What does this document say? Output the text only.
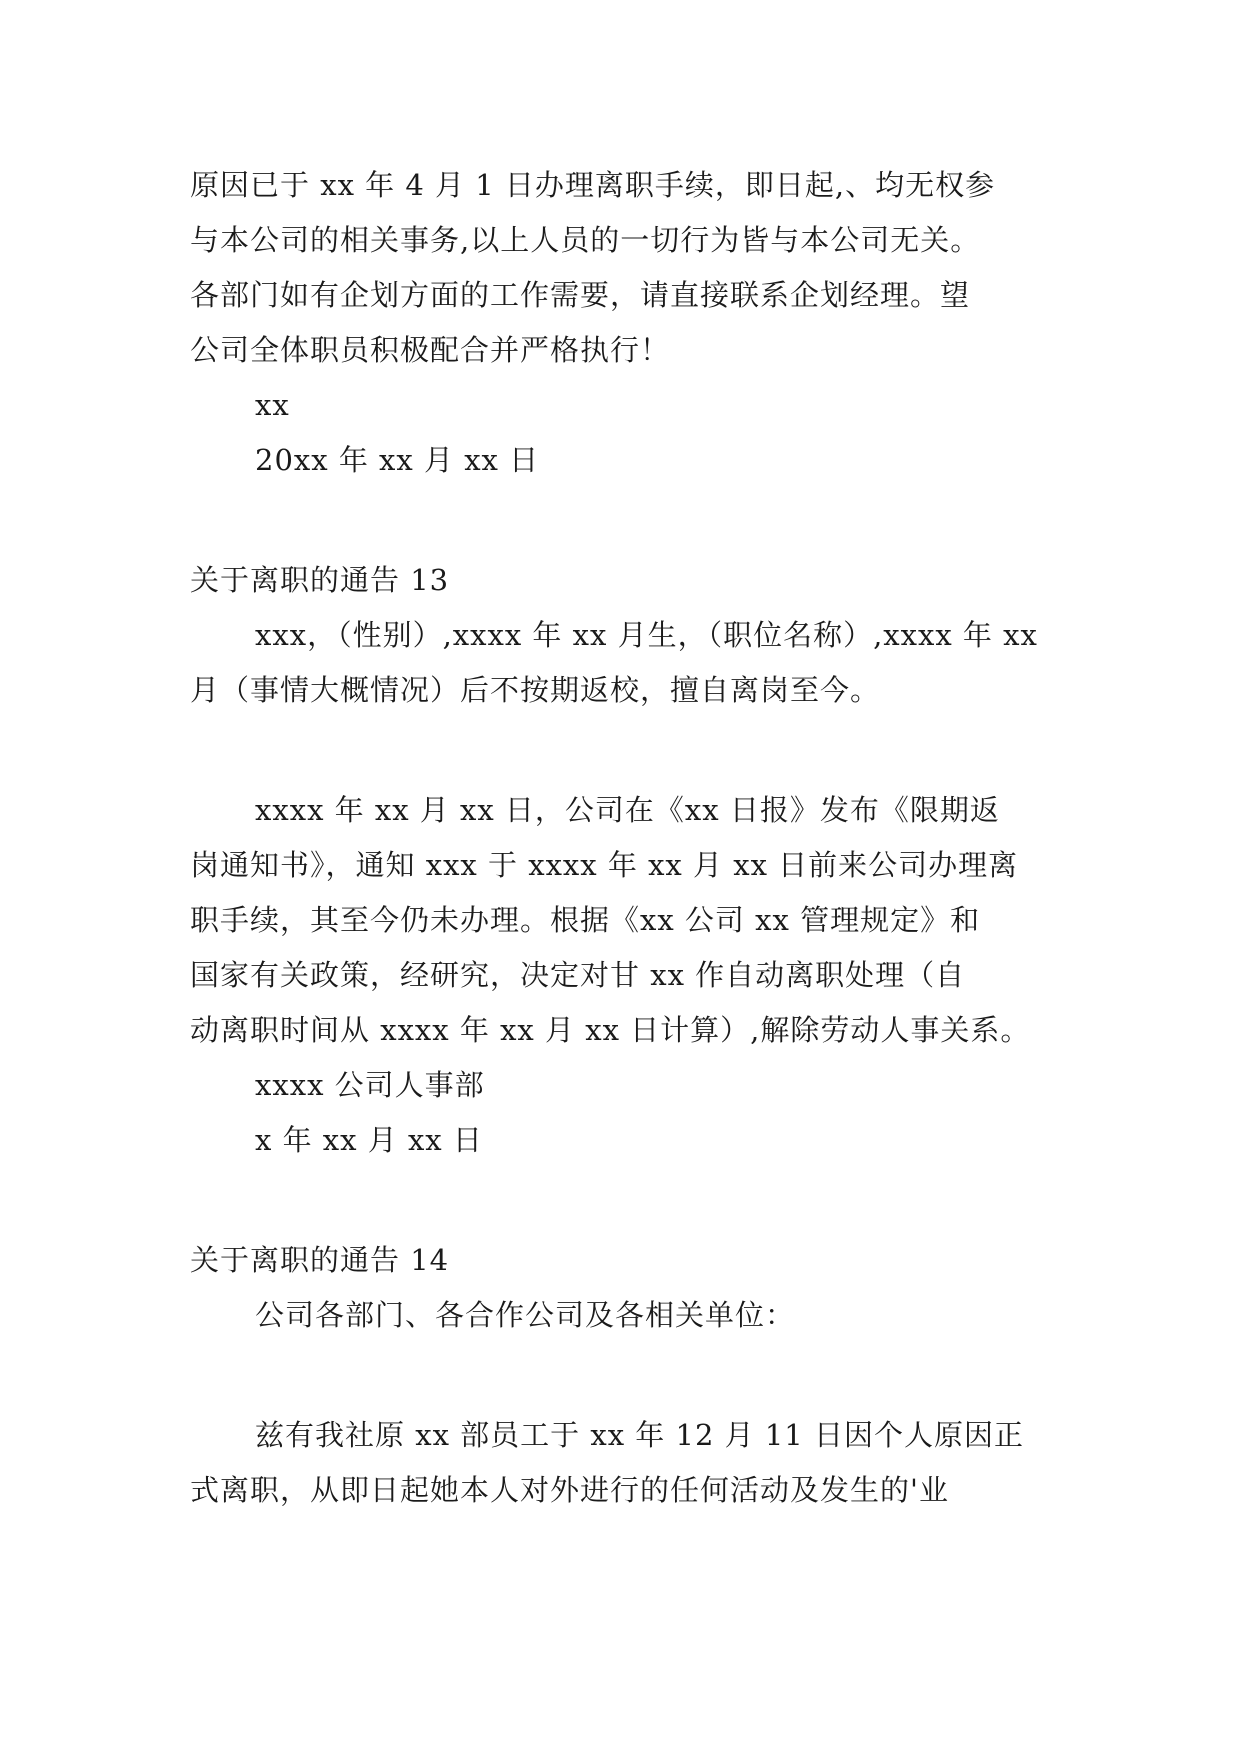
原因已于 xx 年 4 月 1 日办理离职手续，即日起,、均无权参
与本公司的相关事务,以上人员的一切行为皆与本公司无关。
各部门如有企划方面的工作需要，请直接联系企划经理。望
公司全体职员积极配合并严格执行！
xx
20xx 年 xx 月 xx 日
关于离职的通告 13
xxx，（性别）,xxxx 年 xx 月生，（职位名称）,xxxx 年 xx
月（事情大概情况）后不按期返校，擅自离岗至今。
xxxx 年 xx 月 xx 日，公司在《xx 日报》发布《限期返
岗通知书》，通知 xxx 于 xxxx 年 xx 月 xx 日前来公司办理离
职手续，其至今仍未办理。根据《xx 公司 xx 管理规定》和
国家有关政策，经研究，决定对甘 xx 作自动离职处理（自
动离职时间从 xxxx 年 xx 月 xx 日计算）,解除劳动人事关系。
xxxx 公司人事部
x 年 xx 月 xx 日
关于离职的通告 14
公司各部门、各合作公司及各相关单位：
兹有我社原 xx 部员工于 xx 年 12 月 11 日因个人原因正
式离职，从即日起她本人对外进行的任何活动及发生的'业
